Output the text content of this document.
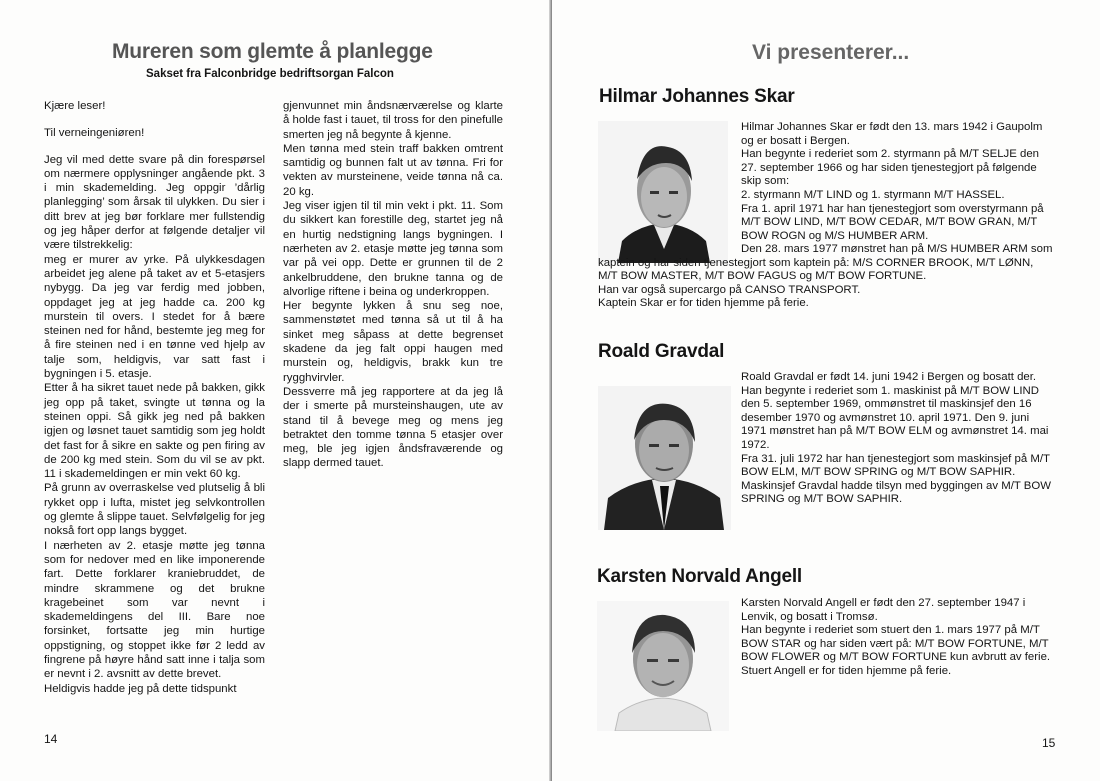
Mureren som glemte å planlegge
Sakset fra Falconbridge bedriftsorgan Falcon

Kjære leser!

Til verneingeniøren!

Jeg vil med dette svare på din forespørsel om nærmere opplysninger angående pkt. 3 i min skademelding. Jeg oppgir ’dårlig planlegging’ som årsak til ulykken. Du sier i ditt brev at jeg bør forklare mer fullstendig og jeg håper derfor at følgende detaljer vil være tilstrekkelig:

meg er murer av yrke. På ulykkesdagen arbeidet jeg alene på taket av et 5-etasjers nybygg. Da jeg var ferdig med jobben, oppdaget jeg at jeg hadde ca. 200 kg murstein til overs. I stedet for å bære steinen ned for hånd, bestemte jeg meg for å fire steinen ned i en tønne ved hjelp av talje som, heldigvis, var satt fast i bygningen i 5. etasje.

Etter å ha sikret tauet nede på bakken, gikk jeg opp på taket, svingte ut tønna og la steinen oppi. Så gikk jeg ned på bakken igjen og løsnet tauet samtidig som jeg holdt det fast for å sikre en sakte og pen firing av de 200 kg med stein. Som du vil se av pkt. 11 i skademeldingen er min vekt 60 kg.

På grunn av overraskelse ved plutselig å bli rykket opp i lufta, mistet jeg selvkontrollen og glemte å slippe tauet. Selvfølgelig for jeg nokså fort opp langs bygget.

I nærheten av 2. etasje møtte jeg tønna som for nedover med en like imponerende fart. Dette forklarer kraniebruddet, de mindre skrammene og det brukne kragebeinet som var nevnt i skademeldingens del III. Bare noe forsinket, fortsatte jeg min hurtige oppstigning, og stoppet ikke før 2 ledd av fingrene på høyre hånd satt inne i talja som er nevnt i 2. avsnitt av dette brevet.

Heldigvis hadde jeg på dette tidspunkt

gjenvunnet min åndsnærværelse og klarte å holde fast i tauet, til tross for den pinefulle smerten jeg nå begynte å kjenne.

Men tønna med stein traff bakken omtrent samtidig og bunnen falt ut av tønna. Fri for vekten av mursteinene, veide tønna nå ca. 20 kg.

Jeg viser igjen til til min vekt i pkt. 11. Som du sikkert kan forestille deg, startet jeg nå en hurtig nedstigning langs bygningen. I nærheten av 2. etasje møtte jeg tønna som var på vei opp. Dette er grunnen til de 2 ankelbruddene, den brukne tanna og de alvorlige riftene i beina og underkroppen.

Her begynte lykken å snu seg noe, sammenstøtet med tønna så ut til å ha sinket meg såpass at dette begrenset skadene da jeg falt oppi haugen med murstein og, heldigvis, brakk kun tre rygghvirvler.

Dessverre må jeg rapportere at da jeg lå der i smerte på mursteinshaugen, ute av stand til å bevege meg og mens jeg betraktet den tomme tønna 5 etasjer over meg, ble jeg igjen åndsfraværende og slapp dermed tauet.

14
Vi presenterer...
Hilmar Johannes Skar

Hilmar Johannes Skar er født den 13. mars 1942 i Gaupolm og er bosatt i Bergen.

Han begynte i rederiet som 2. styrmann på M/T SELJE den 27. september 1966 og har siden tjenestegjort på følgende skip som:

2. styrmann M/T LIND og 1. styrmann M/T HASSEL.

Fra 1. april 1971 har han tjenestegjort som overstyrmann på M/T BOW LIND, M/T BOW CEDAR, M/T BOW GRAN, M/T BOW ROGN og M/S HUMBER ARM.

Den 28. mars 1977 mønstret han på M/S HUMBER ARM som kaptein og har siden tjenestegjort som kaptein på: M/S CORNER BROOK, M/T LØNN, M/T BOW MASTER, M/T BOW FAGUS og M/T BOW FORTUNE.

Han var også supercargo på CANSO TRANSPORT.

Kaptein Skar er for tiden hjemme på ferie.

Roald Gravdal

Roald Gravdal er født 14. juni 1942 i Bergen og bosatt der.

Han begynte i rederiet som 1. maskinist på M/T BOW LIND den 5. september 1969, ommønstret til maskinsjef den 16 desember 1970 og avmønstret 10. april 1971. Den 9. juni 1971 mønstret han på M/T BOW ELM og avmønstret 14. mai 1972.

Fra 31. juli 1972 har han tjenestegjort som maskinsjef på M/T BOW ELM, M/T BOW SPRING og M/T BOW SAPHIR.

Maskinsjef Gravdal hadde tilsyn med byggingen av M/T BOW SPRING og M/T BOW SAPHIR.

Karsten Norvald Angell

Karsten Norvald Angell er født den 27. september 1947 i Lenvik, og bosatt i Tromsø.

Han begynte i rederiet som stuert den 1. mars 1977 på M/T BOW STAR og har siden vært på: M/T BOW FORTUNE, M/T BOW FLOWER og M/T BOW FORTUNE kun avbrutt av ferie.

Stuert Angell er for tiden hjemme på ferie.

15
